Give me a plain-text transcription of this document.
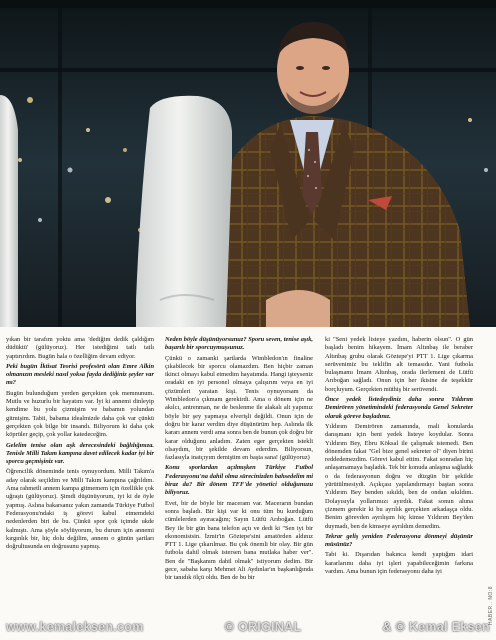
yıkan bir tarafım yoktu ama 'dediğim dedik çaldığım düdüktü' (gülüyoruz). Her istediğimi tatlı tatlı yaptırırdım. Bugün hala o özelliğim devam ediyor.

Peki bugün İktisat Teorisi profesörü olan Emre Alkin olmanızın mesleki nasıl yoksa fayda dediğiniz şeyler var mı?

Bugün bulunduğum yerden gerçekten çok memnunum. Mutlu ve huzurlu bir hayatım var. İyi ki annemi dinleyip kendime bu yolu çizmişim ve babamın yolundan gitmişim. Tabii, babama idealmizde daha çok var çünkü gerçekten çok bilge bir insandı. Biliyorum ki daha çok köprüler geçip, çok yollar katedeceğim.

Gelelim tenise olan aşk derecesindeki bağlılığınıza. Tenisle Milli Takım kampına davet edilecek kadar iyi bir sporcu geçmişiniz var.

Öğrencilik döneminde tenis oynuyordum. Milli Takım'a aday olarak seçildim ve Milli Takım kampına çağrıldım. Ama rahmetli annem kampa gitmemem için özellikle çok uğraştı (gülüyoruz). Şimdi düşünüyorum, iyi ki de öyle yapmış. Aslına bakarsanız yakın zamanda Türkiye Futbol Federasyonu'ndaki iş görevi kabul etmemdeki nedenlerden biri de bu. Çünkü spor çok içimde ukde kalmıştı. Ama şöyle söylüyorum, bu durum için annemi kırgınlık bir, hiç dolu değilim, annem o günün şartları doğrultusunda en doğrusunu yapmış.

Neden böyle düşünüyorsunuz? Sporu seven, tenise aşık, başarılı bir sporcuymuşsunuz.

Çünkü o zamanki şartlarda Wimbledon'ın finaline çıkabilecek bir sporcu olamazdım. Ben hiçbir zaman ikinci olmayı kabul etmedim hayatımda. Hangi işteyseniz oradaki en iyi personel olmaya çalışırım veya en iyi çözümleri yaratan kişi. Tenis oynuyorsam da Wimbledon'a çıkmam gerekirdi. Ama o dönem için ne akılcı, antrenman, ne de beslenme ile alakalı alt yapımız böyle bir şey yapmaya elverişli değildi. Onun için de doğru bir karar verdim diye düşünürüm hep. Aslında ilk kararı annem verdi ama sonra ben de bunun çok doğru bir karar olduğunu anladım. Zaten eger gerçekten istekli olsaydım, bir şekilde devam ederdim. Biliyorsun, fazlasıyla inatçıyım demiştim en başta sana! (gülüyoruz)

Konu sporlardan açılmışken Türkiye Futbol Federasyonu'na dahil olma sürecinizden bahsedelim mi biraz da? Bir dönem TFF'de yönetici olduğunuzu biliyoruz.

Evet, bir de böyle bir maceram var. Macerarın bundan sonra başladı. Bir kişi var ki onu tüm bu kurduğum cümlelerden ayıracağım; Sayın Lütfü Arıboğan. Lütfü Bey ile bir gün bana telefon açtı ve dedi ki "Sen iyi bir ekonomistsin. İzmir'in Göztepe'sini amatörden aldınız PTT 1. Lige çıkarılmaz. Bu çok önemli bir olay. Bir gün futbola dahil olmak istersen bana mutlaka haber ver". Ben de "Başkanım dahil olmak" istiyorum dedim. Bir gece, sabaha karşı Mehmet Ali Aydınlar'ın başkanlığında bir tanıdık ölçü oldu. Ben de bu bir

ki "Seni yedek listeye yazdım, haberin olsun". O gün başladı benim hikayem. İmam Altınbaş ile beraber Altınbaş grubu olarak Göztepe'yi PTT 1. Lige çıkarma serüvenimiz bu teklifin alt temasıdır. Yani futbola bulaşmamı İmam Altınbaş, orada ilerlemeni de Lütfü Arıboğan sağladı. Onun için her ikisine de teşekkür borçluyum. Gerçekten müthiş bir serüvendi.

Önce yedek listedeydiniz daha sonra Yıldırım Demirören yönetimindeki federasyonda Genel Sekreter olarak göreve başladınız.

Yıldırım Demirören zamanında, mali konularda danışmanı için beni yedek listeye koydular. Sonra Yıldırım Bey, Ebru Köksal ile çalışmak istemedi. Ben dönemden fakat "Gel bize genel sekreter ol" diyen birini reddedemezdim. Görevi kabul ettim. Fakat sonradan hiç anlaşamamaya başladık. Tek bir konuda anlaşma sağladık o da federasyonun doğru ve düzgün bir şekilde yürütülmesiydi. Açıkçası yapılandırmayı baştan sonra Yıldırım Bey benden sıkıldı, ben de ondan sıkıldım. Dolayısıyla yollarımızı ayırdık. Fakat sonun aluna çizmem gerekir ki bu ayrılık gerçekten arkadaşça oldu. Benim görevden ayrılışım hiç kimse Yıldırım Bey'den duymadı, ben de kimseye ayrıldım demedim.

Tekrar geliş yeniden Federasyona dönmeyi düşünür müsünüz?

Tabi ki. Dışarıdan bakınca kendi yaptığım idari kararlarımı daha iyi işleri yapabileceğimin farkına vardım. Ama bunun için federasyonu daha iyi

HABER.. NO:8
www.kemaleksen.com	© ORIGINAL	& © Kemal Eksen
